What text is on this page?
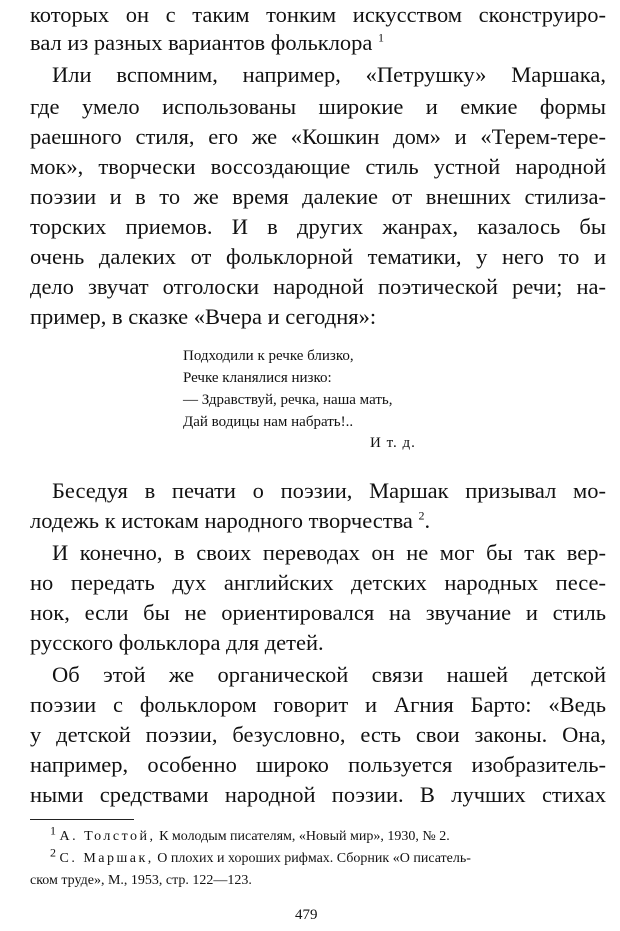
которых он с таким тонким искусством сконструиро-
вал из разных вариантов фольклора $^1$
Или вспомним, например, «Петрушку» Маршака,
где умело использованы широкие и емкие формы
раешного стиля, его же «Кошкин дом» и «Терем-тере-
мок», творчески воссоздающие стиль устной народной
поэзии и в то же время далекие от внешних стилиза-
торских приемов. И в других жанрах, казалось бы
очень далеких от фольклорной тематики, у него то и
дело звучат отголоски народной поэтической речи; на-
пример, в сказке «Вчера и сегодня»:
Подходили к речке близко,
Речке кланялися низко:
— Здравствуй, речка, наша мать,
Дай водицы нам набрать!..
И т. д.
Беседуя в печати о поэзии, Маршак призывал мо-
лодежь к истокам народного творчества $^2$.
И конечно, в своих переводах он не мог бы так вер-
но передать дух английских детских народных песе-
нок, если бы не ориентировался на звучание и стиль
русского фольклора для детей.
Об этой же органической связи нашей детской
поэзии с фольклором говорит и Агния Барто: «Ведь
у детской поэзии, безусловно, есть свои законы. Она,
например, особенно широко пользуется изобразитель-
ными средствами народной поэзии. В лучших стихах
$^1$ А. Толстой, К молодым писателям, «Новый мир», 1930, № 2.
$^2$ С. Маршак, О плохих и хороших рифмах. Сборник «О писатель-
ском труде», М., 1953, стр. 122—123.
479
